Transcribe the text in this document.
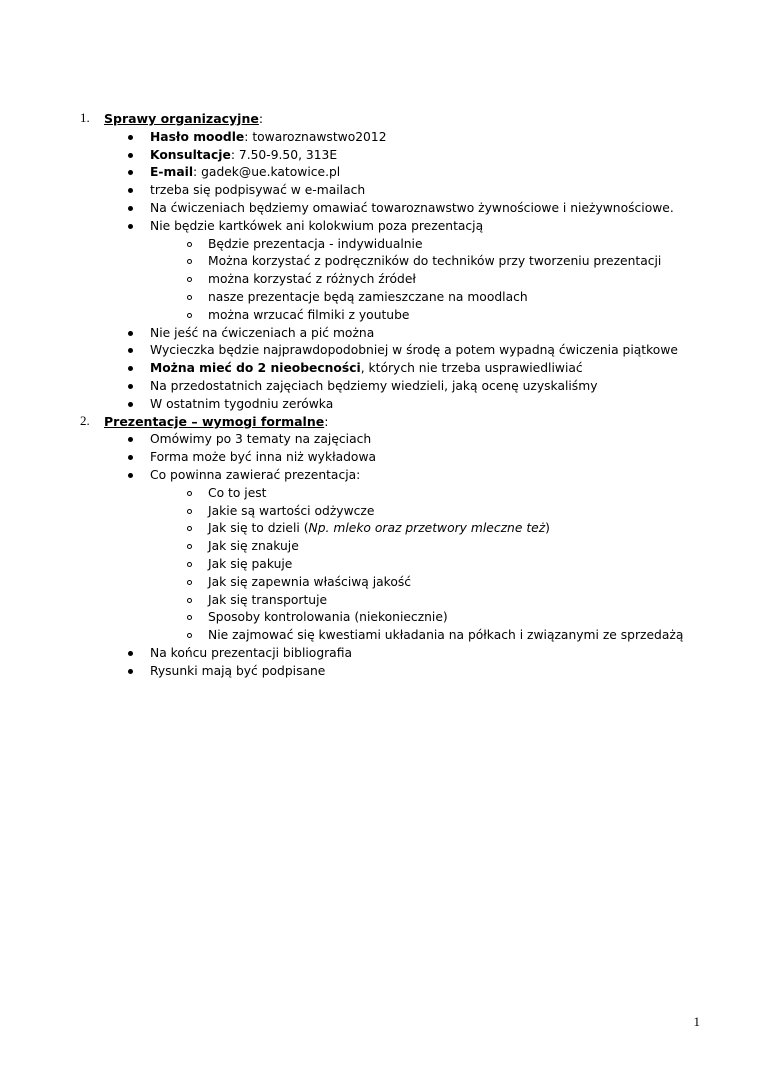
1. Sprawy organizacyjne:
Hasło moodle: towaroznawstwo2012
Konsultacje: 7.50-9.50, 313E
E-mail: gadek@ue.katowice.pl
trzeba się podpisywać w e-mailach
Na ćwiczeniach będziemy omawiać towaroznawstwo żywnościowe i nieżywnościowe.
Nie będzie kartkówek ani kolokwium poza prezentacją
Będzie prezentacja - indywidualnie
Można korzystać z podręczników do techników przy tworzeniu prezentacji
można korzystać z różnych źródeł
nasze prezentacje będą zamieszczane na moodlach
można wrzucać filmiki z youtube
Nie jeść na ćwiczeniach a pić można
Wycieczka będzie najprawdopodobniej w środę a potem wypadną ćwiczenia piątkowe
Można mieć do 2 nieobecności, których nie trzeba usprawiedliwiać
Na przedostatnich zajęciach będziemy wiedzieli, jaką ocenę uzyskaliśmy
W ostatnim tygodniu zerówka
2. Prezentacje – wymogi formalne:
Omówimy po 3 tematy na zajęciach
Forma może być inna niż wykładowa
Co powinna zawierać prezentacja:
Co to jest
Jakie są wartości odżywcze
Jak się to dzieli (Np. mleko oraz przetwory mleczne też)
Jak się znakuje
Jak się pakuje
Jak się zapewnia właściwą jakość
Jak się transportuje
Sposoby kontrolowania (niekoniecznie)
Nie zajmować się kwestiami układania na półkach i związanymi ze sprzedażą
Na końcu prezentacji bibliografia
Rysunki mają być podpisane
1
